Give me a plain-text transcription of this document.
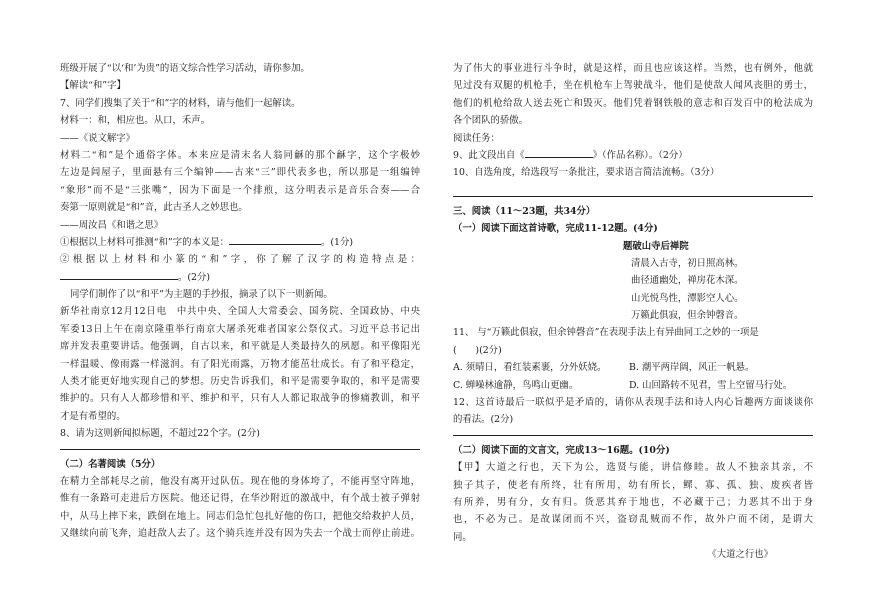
班级开展了“以‘和’为贵”的语文综合性学习活动，请你参加。
【解读“和”字】
7、同学们搜集了关于“和”字的材料，请与他们一起解读。
材料一：和，相应也。从口，禾声。
——《说文解字》
材料二“和”是个通俗字体。本来应是清末名人翁同龢的那个龢字，这个字极妙
左边是闾屋子，里面悬有三个编钟——古来“三”即代表多也，所以那是一组编钟
“象形”而不是“三张嘴”，因为下面是一个排煎，这分明表示是音乐合奏——合
奏第一原则就是“和”音，此古圣人之妙思也。
——周汝昌《和谐之思》
①根据以上材料可推测“和”字的本义是：	。(1分)
②根据以上材料和小篆的“和”字，你了解了汉字的构造特点是：
。(2分)
同学们制作了以“和平”为主题的手抄报，摘录了以下一则新闻。
新华社南京12月12日电　中共中央、全国人大常委会、国务院、全国政协、中央
军委13日上午在南京隆重举行南京大屠杀死难者国家公祭仪式。习近平总书记出
席并发表重要讲话。他强调，自古以来，和平就是人类最持久的夙愿。和平像阳光
一样温暖、像雨露一样滋润。有了阳光雨露，万物才能茁壮成长。有了和平稳定，
人类才能更好地实现自己的梦想。历史告诉我们，和平是需要争取的，和平是需要
维护的。只有人人都珍惜和平、维护和平，只有人人都记取战争的惨痛教训，和平
才是有希望的。
8、请为这则新闻拟标题，不超过22个字。(2分)
（二）名著阅读（5分）
在精力全部耗尽之前，他没有离开过队伍。现在他的身体垮了，不能再坚守阵地，
惟有一条路可走进后方医院。他还记得，在华沙附近的激战中，有个战士被子弹射
中，从马上摔下来，跌倒在地上。同志们急忙包扎好他的伤口，把他交给救护人员，
又继续向前飞奔，追赶敌人去了。这个骑兵连并没有因为失去一个战士而停止前进。
为了伟大的事业进行斗争时，就是这样，而且也应该这样。当然，也有例外，他就
见过没有双腿的机枪手，坐在机枪车上驾驶战斗，他们是使敌人闻风丧胆的勇士，
他们的机枪给敌人送去死亡和毁灭。他们凭着钢铁般的意志和百发百中的枪法成为
各个团队的骄傲。
阅读任务：
9、此文段出自《	》（作品名称）。（2分）
10、自选角度，给选段写一条批注，要求语言简洁流畅。（3分）
三、阅读（11～23题，共34分）
（一）阅读下面这首诗歌，完成11-12题。(4分)
题破山寺后禅院
清晨入古寺，初日照高林。
曲径通幽处，禅房花木深。
山光悦鸟性，潭影空人心。
万籁此俱寂，但余钟磬音。
11、 与“万籁此俱寂，但余钟磬音”在表现手法上有异曲同工之妙的一项是
(　　)(2分)
A. 须晴日，看红装素裹，分外妖娆。 B. 潮平两岸阔，风正一帆悬。
C. 蝉噪林逾静，鸟鸣山更幽。	D. 山回路转不见君，雪上空留马行处。
12、这首诗最后一联似乎是矛盾的，请你从表现手法和诗人内心旨趣两方面谈谈你
的看法。(2分)
（二）阅读下面的文言文，完成13～16题。(10分)
【甲】大道之行也，天下为公，选贤与能，讲信修睦。故人不独亲其亲，不
独子其子，使老有所终，壮有所用，幼有所长，鳏、寡、孤、独、废疾者皆
有所养，男有分，女有归。货恶其弃于地也，不必藏于己；力恶其不出于身
也，不必为己。是故谋闭而不兴，盗窃乱贼而不作，故外户而不闭，是谓大
同。
《大道之行也》
